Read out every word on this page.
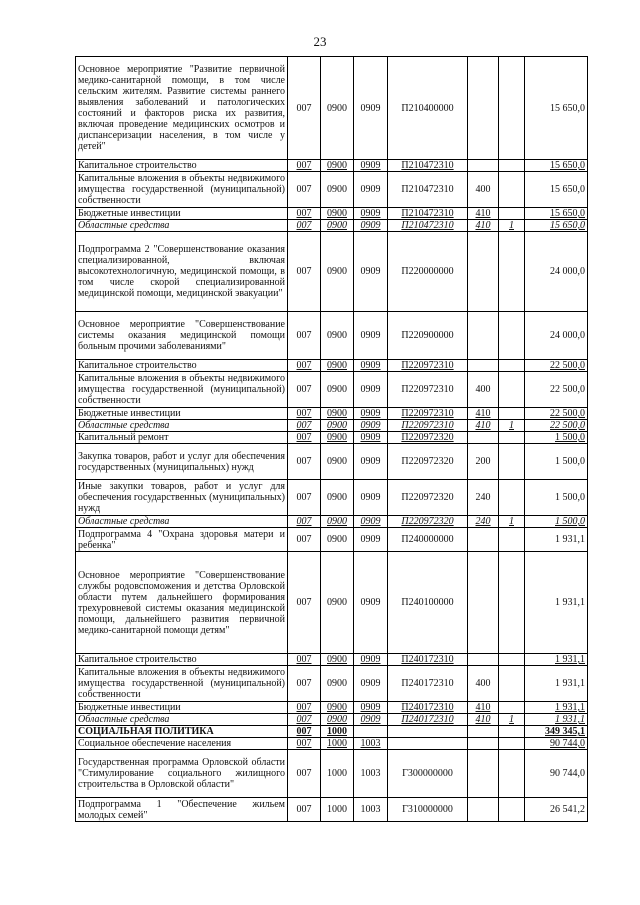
23
Основное мероприятие "Развитие первичной медико-санитарной помощи, в том числе сельским жителям. Развитие системы раннего выявления заболеваний и патологических состояний и факторов риска их развития, включая проведение медицинских осмотров и диспансеризации населения, в том числе у детей"	007	0900	0909	П210400000			15 650,0
Капитальное строительство	007	0900	0909	П210472310			15 650,0
Капитальные вложения в объекты недвижимого имущества государственной (муниципальной) собственности	007	0900	0909	П210472310	400		15 650,0
Бюджетные инвестиции	007	0900	0909	П210472310	410		15 650,0
Областные средства	007	0900	0909	П210472310	410	1	15 650,0
Подпрограмма 2 "Совершенствование оказания специализированной, включая высокотехнологичную, медицинской помощи, в том числе скорой специализированной медицинской помощи, медицинской эвакуации"	007	0900	0909	П220000000			24 000,0
Основное мероприятие "Совершенствование системы оказания медицинской помощи больным прочими заболеваниями"	007	0900	0909	П220900000			24 000,0
Капитальное строительство	007	0900	0909	П220972310			22 500,0
Капитальные вложения в объекты недвижимого имущества государственной (муниципальной) собственности	007	0900	0909	П220972310	400		22 500,0
Бюджетные инвестиции	007	0900	0909	П220972310	410		22 500,0
Областные средства	007	0900	0909	П220972310	410	1	22 500,0
Капитальный ремонт	007	0900	0909	П220972320			1 500,0
Закупка товаров, работ и услуг для обеспечения государственных (муниципальных) нужд	007	0900	0909	П220972320	200		1 500,0
Иные закупки товаров, работ и услуг для обеспечения государственных (муниципальных) нужд	007	0900	0909	П220972320	240		1 500,0
Областные средства	007	0900	0909	П220972320	240	1	1 500,0
Подпрограмма 4 "Охрана здоровья матери и ребенка"	007	0900	0909	П240000000			1 931,1
Основное мероприятие "Совершенствование службы родовспоможения и детства Орловской области путем дальнейшего формирования трехуровневой системы оказания медицинской помощи, дальнейшего развития первичной медико-санитарной помощи детям"	007	0900	0909	П240100000			1 931,1
Капитальное строительство	007	0900	0909	П240172310			1 931,1
Капитальные вложения в объекты недвижимого имущества государственной (муниципальной) собственности	007	0900	0909	П240172310	400		1 931,1
Бюджетные инвестиции	007	0900	0909	П240172310	410		1 931,1
Областные средства	007	0900	0909	П240172310	410	1	1 931,1
СОЦИАЛЬНАЯ ПОЛИТИКА	007	1000					349 345,1
Социальное обеспечение населения	007	1000	1003				90 744,0
Государственная программа Орловской области "Стимулирование социального жилищного строительства в Орловской области"	007	1000	1003	Г300000000			90 744,0
Подпрограмма 1 "Обеспечение жильем молодых семей"	007	1000	1003	Г310000000			26 541,2
